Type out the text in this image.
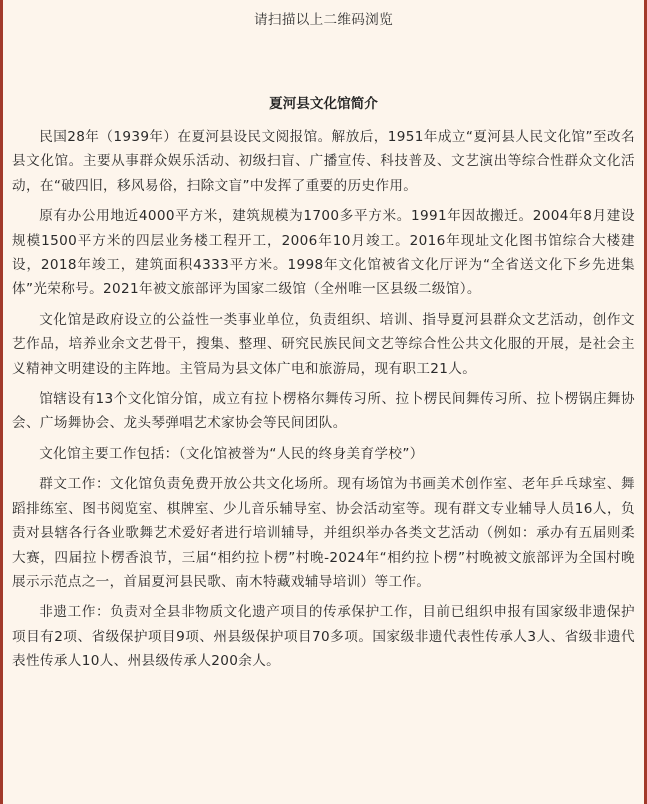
请扫描以上二维码浏览
夏河县文化馆简介

民国28年（1939年）在夏河县设民文阅报馆。解放后，1951年成立“夏河县人民文化馆”至改名县文化馆。主要从事群众娱乐活动、初级扫盲、广播宣传、科技普及、文艺演出等综合性群众文化活动，在“破四旧，移风易俗，扫除文盲”中发挥了重要的历史作用。

原有办公用地近4000平方米，建筑规模为1700多平方米。1991年因故搬迁。2004年8月建设规模1500平方米的四层业务楼工程开工，2006年10月竣工。2016年现址文化图书馆综合大楼建设，2018年竣工，建筑面积4333平方米。1998年文化馆被省文化厅评为“全省送文化下乡先进集体”光荣称号。2021年被文旅部评为国家二级馆（全州唯一区县级二级馆）。

文化馆是政府设立的公益性一类事业单位，负责组织、培训、指导夏河县群众文艺活动，创作文艺作品，培养业余文艺骨干，搜集、整理、研究民族民间文艺等综合性公共文化服的开展，是社会主义精神文明建设的主阵地。主管局为县文体广电和旅游局，现有职工21人。

馆辖设有13个文化馆分馆，成立有拉卜楞格尔舞传习所、拉卜楞民间舞传习所、拉卜楞锅庄舞协会、广场舞协会、龙头琴弹唱艺术家协会等民间团队。

文化馆主要工作包括：（文化馆被誉为“人民的终身美育学校”）

群文工作：文化馆负责免费开放公共文化场所。现有场馆为书画美术创作室、老年乒乓球室、舞蹈排练室、图书阅览室、棋牌室、少儿音乐辅导室、协会活动室等。现有群文专业辅导人员16人，负责对县辖各行各业歌舞艺术爱好者进行培训辅导，并组织举办各类文艺活动（例如：承办有五届则柔大赛，四届拉卜楞香浪节，三届“相约拉卜楞”村晚-2024年“相约拉卜楞”村晚被文旅部评为全国村晚展示示范点之一，首届夏河县民歌、南木特藏戏辅导培训）等工作。

非遗工作：负责对全县非物质文化遗产项目的传承保护工作，目前已组织申报有国家级非遗保护项目有2项、省级保护项目9项、州县级保护项目70多项。国家级非遗代表性传承人3人、省级非遗代表性传承人10人、州县级传承人200余人。
